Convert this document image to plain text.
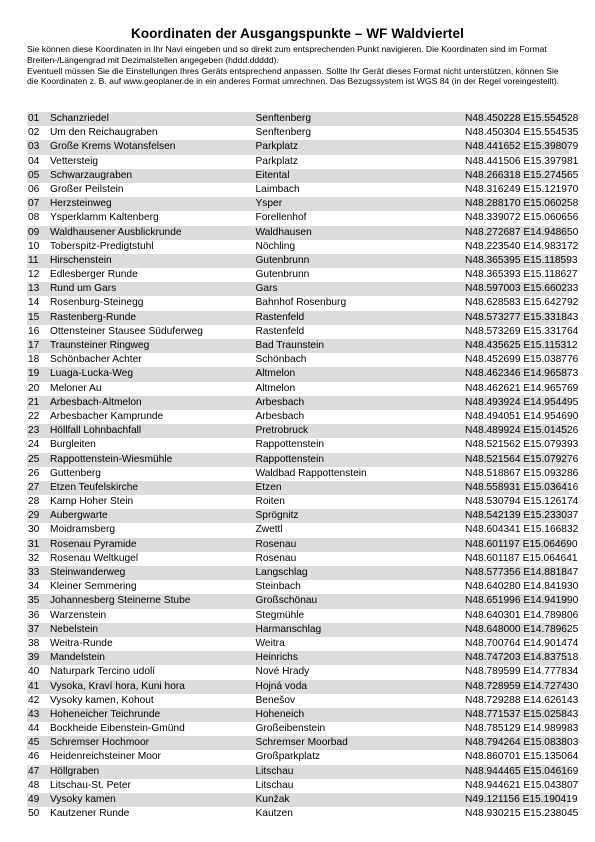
Koordinaten der Ausgangspunkte – WF Waldviertel

Sie können diese Koordinaten in Ihr Navi eingeben und so direkt zum entsprechenden Punkt navigieren. Die Koordinaten sind im Format Breiten-/Längengrad mit Dezimalstellen angegeben (hddd.ddddd).

Eventuell müssen Sie die Einstellungen Ihres Geräts entsprechend anpassen. Sollte Ihr Gerät dieses Format nicht unterstützen, können Sie die Koordinaten z. B. auf www.geoplaner.de in ein anderes Format umrechnen. Das Bezugssystem ist WGS 84 (in der Regel voreingestellt).

01	Schanzriedel	Senftenberg	N48.450228 E15.554528
02	Um den Reichaugraben	Senftenberg	N48.450304 E15.554535
03	Große Krems Wotansfelsen	Parkplatz	N48.441652 E15.398079
04	Vettersteig	Parkplatz	N48.441506 E15.397981
05	Schwarzaugraben	Eitental	N48.266318 E15.274565
06	Großer Peilstein	Laimbach	N48.316249 E15.121970
07	Herzsteinweg	Ysper	N48.288170 E15.060258
08	Ysperklamm Kaltenberg	Forellenhof	N48.339072 E15.060656
09	Waldhausener Ausblickrunde	Waldhausen	N48.272687 E14.948650
10	Toberspitz-Predigtstuhl	Nöchling	N48.223540 E14.983172
11	Hirschenstein	Gutenbrunn	N48.365395 E15.118593
12	Edlesberger Runde	Gutenbrunn	N48.365393 E15.118627
13	Rund um Gars	Gars	N48.597003 E15.660233
14	Rosenburg-Steinegg	Bahnhof Rosenburg	N48.628583 E15.642792
15	Rastenberg-Runde	Rastenfeld	N48.573277 E15.331843
16	Ottensteiner Stausee Süduferweg	Rastenfeld	N48.573269 E15.331764
17	Traunsteiner Ringweg	Bad Traunstein	N48.435625 E15.115312
18	Schönbacher Achter	Schönbach	N48.452699 E15.038776
19	Luaga-Lucka-Weg	Altmelon	N48.462346 E14.965873
20	Meloner Au	Altmelon	N48.462621 E14.965769
21	Arbesbach-Altmelon	Arbesbach	N48.493924 E14.954495
22	Arbesbacher Kamprunde	Arbesbach	N48.494051 E14.954690
23	Höllfall Lohnbachfall	Pretrobruck	N48.489924 E15.014526
24	Burgleiten	Rappottenstein	N48.521562 E15.079393
25	Rappottenstein-Wiesmühle	Rappottenstein	N48.521564 E15.079276
26	Guttenberg	Waldbad Rappottenstein	N48.518867 E15.093286
27	Etzen Teufelskirche	Etzen	N48.558931 E15.036416
28	Kamp Hoher Stein	Roiten	N48.530794 E15.126174
29	Aubergwarte	Sprögnitz	N48.542139 E15.233037
30	Moidramsberg	Zwettl	N48.604341 E15.166832
31	Rosenau Pyramide	Rosenau	N48.601197 E15.064690
32	Rosenau Weltkugel	Rosenau	N48.601187 E15.064641
33	Steinwanderweg	Langschlag	N48.577356 E14.881847
34	Kleiner Semmering	Steinbach	N48.640280 E14.841930
35	Johannesberg Steinerne Stube	Großschönau	N48.651996 E14.941990
36	Warzenstein	Stegmühle	N48.640301 E14.789806
37	Nebelstein	Harmanschlag	N48.648000 E14.789625
38	Weitra-Runde	Weitra	N48.700764 E14.901474
39	Mandelstein	Heinrichs	N48.747203 E14.837518
40	Naturpark Tercino udolí	Nové Hrady	N48.789599 E14.777834
41	Vysoka, Kraví hora, Kuni hora	Hojná voda	N48.728959 E14.727430
42	Vysoky kamen, Kohout	Benešov	N48.729288 E14.626143
43	Hoheneicher Teichrunde	Hoheneich	N48.771537 E15.025843
44	Bockheide Eibenstein-Gmünd	Großeibenstein	N48.785129 E14.989983
45	Schremser Hochmoor	Schremser Moorbad	N48.794264 E15.083803
46	Heidenreichsteiner Moor	Großparkplatz	N48.860701 E15.135064
47	Höllgraben	Litschau	N48.944465 E15.046169
48	Litschau-St. Peter	Litschau	N48.944621 E15.043807
49	Vysoky kamen	Kunžak	N49.121156 E15.190419
50	Kautzener Runde	Kautzen	N48.930215 E15.238045
